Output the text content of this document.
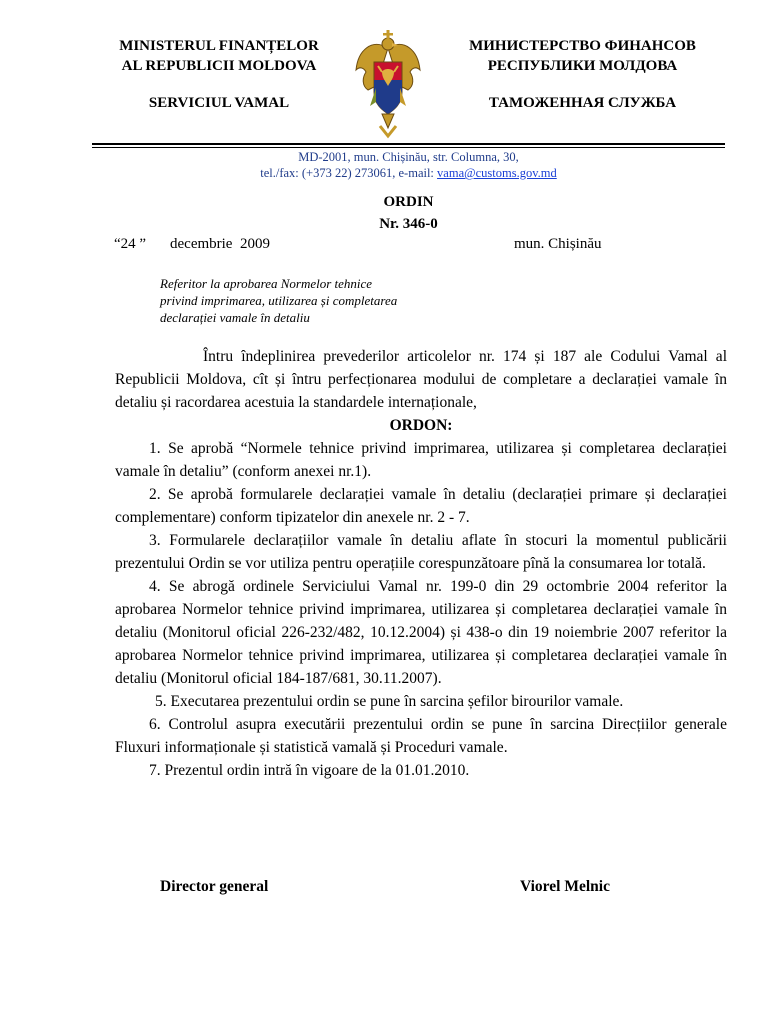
MINISTERUL FINANȚELOR
AL REPUBLICII MOLDOVA
SERVICIUL VAMAL
МИНИСТЕРСТВО ФИНАНСОВ
РЕСПУБЛИКИ МОЛДОВА
ТАМОЖЕННАЯ СЛУЖБА
MD-2001, mun. Chișinău, str. Columna, 30,
tel./fax: (+373 22) 273061, e-mail: vama@customs.gov.md
ORDIN
Nr. 346-0
“24 ” decembrie  2009	mun. Chișinău
Referitor la aprobarea Normelor tehnice
privind imprimarea, utilizarea și completarea
declarației vamale în detaliu

Întru îndeplinirea prevederilor articolelor nr. 174 și 187 ale Codului Vamal al Republicii Moldova, cît și întru perfecționarea modului de completare a declarației vamale în detaliu și racordarea acestuia la standardele internaționale,

ORDON:

1. Se aprobă “Normele tehnice privind imprimarea, utilizarea și completarea declarației vamale în detaliu” (conform anexei nr.1).

2. Se aprobă formularele declarației vamale în detaliu (declarației primare și declarației complementare) conform tipizatelor din anexele nr. 2 - 7.

3. Formularele declarațiilor vamale în detaliu aflate în stocuri la momentul publicării prezentului Ordin se vor utiliza pentru operațiile corespunzătoare pînă la consumarea lor totală.

4. Se abrogă ordinele Serviciului Vamal nr. 199-0 din 29 octombrie 2004 referitor la aprobarea Normelor tehnice privind imprimarea, utilizarea și completarea declarației vamale în detaliu (Monitorul oficial 226-232/482, 10.12.2004) și 438-o din 19 noiembrie 2007 referitor la aprobarea Normelor tehnice privind imprimarea, utilizarea și completarea declarației vamale în detaliu (Monitorul oficial 184-187/681, 30.11.2007).

5. Executarea prezentului ordin se pune în sarcina șefilor birourilor vamale.

6. Controlul asupra executării prezentului ordin se pune în sarcina Direcțiilor generale Fluxuri informaționale și statistică vamală și Proceduri vamale.

7. Prezentul ordin intră în vigoare de la 01.01.2010.

Director general	Viorel Melnic
